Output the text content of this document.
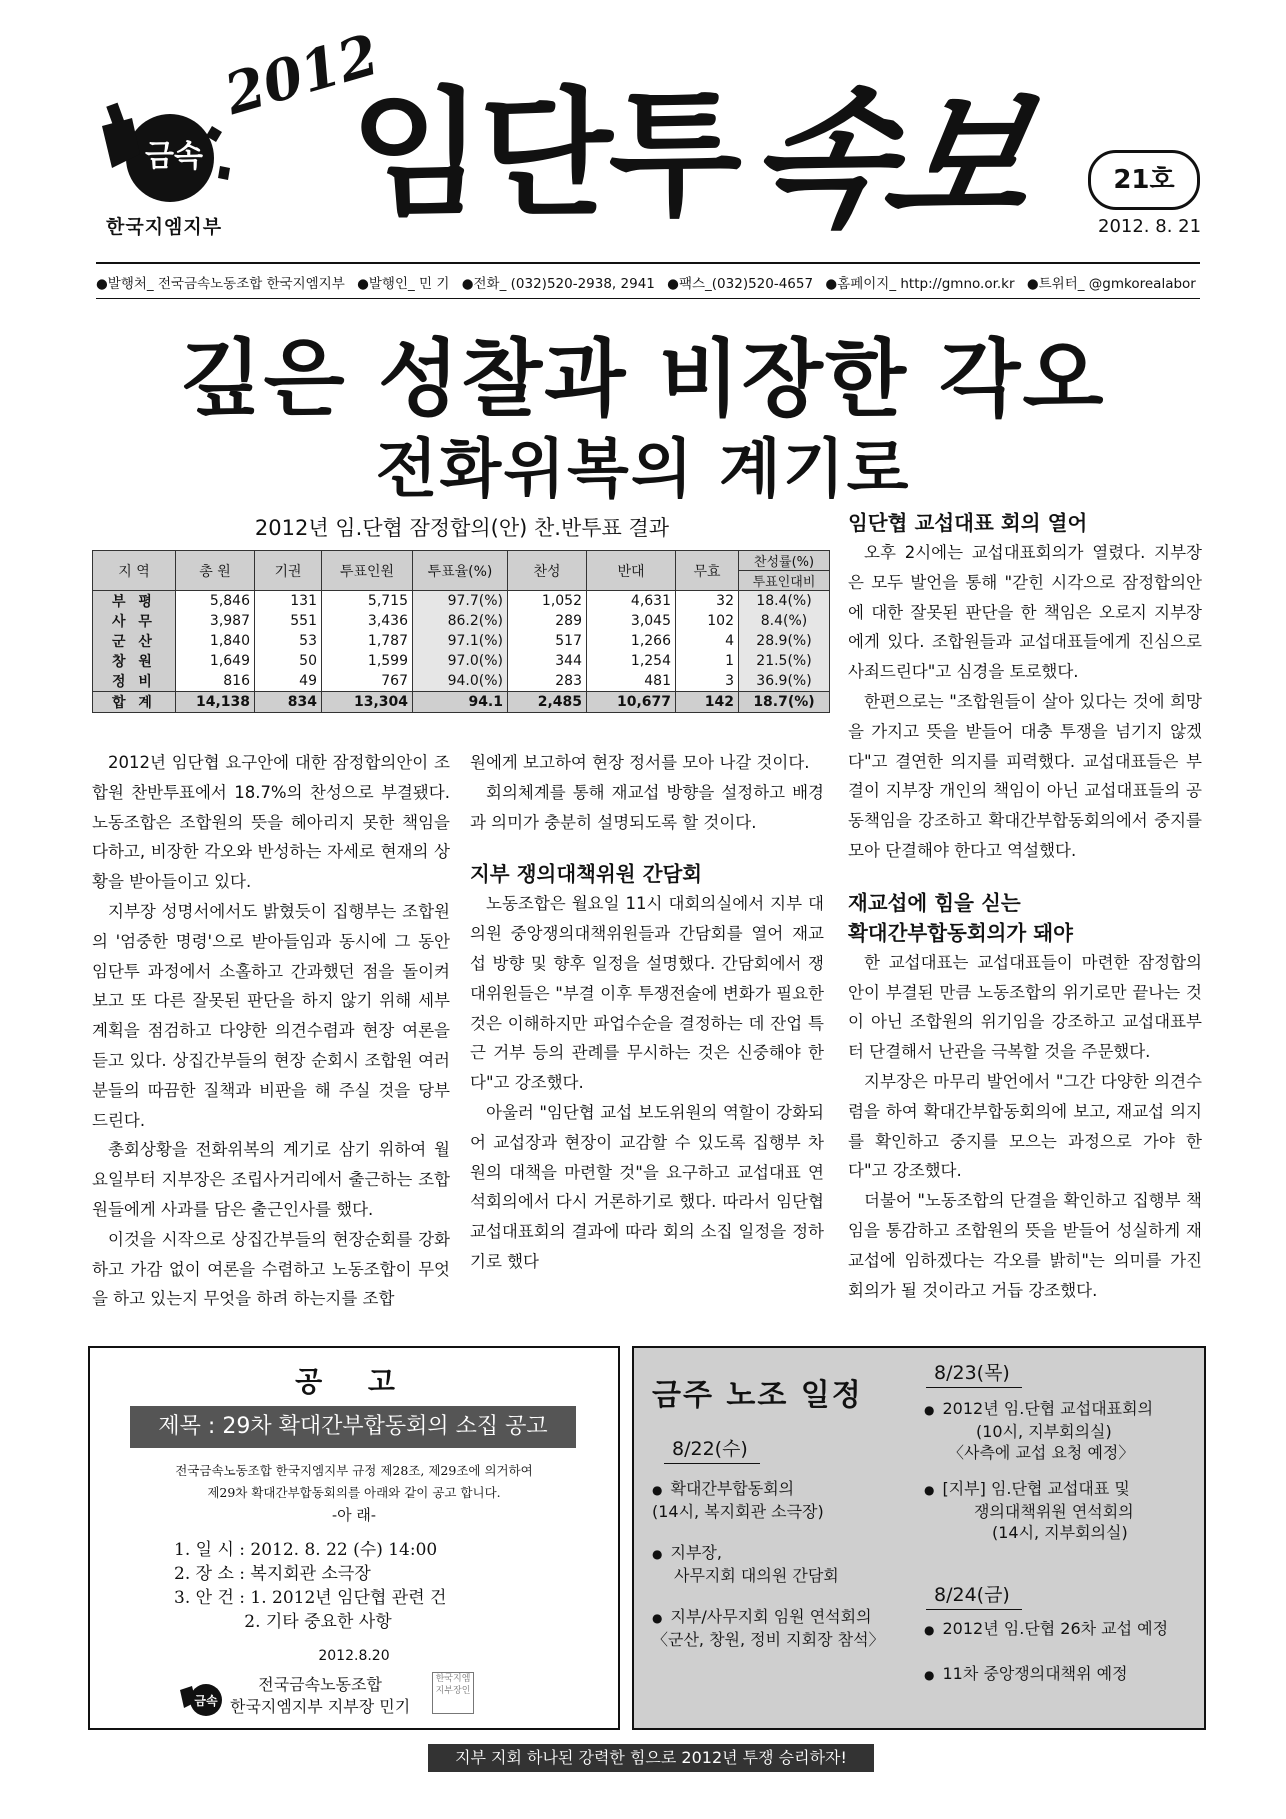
금속
한국지엠지부
2012
임단투
속보	21호
2012. 8. 21
●발행처_ 전국금속노동조합 한국지엠지부 ●발행인_ 민 기 ●전화_ (032)520-2938, 2941 ●팩스_(032)520-4657 ●홈페이지_ http://gmno.or.kr ●트위터_ @gmkorealabor
깊은 성찰과 비장한 각오
전화위복의 계기로
2012년 임.단협 잠정합의(안) 찬.반투표 결과
지 역	총 원	기권	투표인원	투표율(%)	찬성	반대	무효	찬성률(%)
								투표인대비
부 평	5,846	131	5,715	97.7(%)	1,052	4,631	32	18.4(%)
사 무	3,987	551	3,436	86.2(%)	289	3,045	102	8.4(%)
군 산	1,840	53	1,787	97.1(%)	517	1,266	4	28.9(%)
창 원	1,649	50	1,599	97.0(%)	344	1,254	1	21.5(%)
정 비	816	49	767	94.0(%)	283	481	3	36.9(%)
합 계	14,138	834	13,304	94.1	2,485	10,677	142	18.7(%)

2012년 임단협 요구안에 대한 잠정합의안이 조합원 찬반투표에서 18.7%의 찬성으로 부결됐다. 노동조합은 조합원의 뜻을 헤아리지 못한 책임을 다하고, 비장한 각오와 반성하는 자세로 현재의 상황을 받아들이고 있다.

지부장 성명서에서도 밝혔듯이 집행부는 조합원의 '엄중한 명령'으로 받아들임과 동시에 그 동안 임단투 과정에서 소홀하고 간과했던 점을 돌이켜 보고 또 다른 잘못된 판단을 하지 않기 위해 세부계획을 점검하고 다양한 의견수렴과 현장 여론을 듣고 있다. 상집간부들의 현장 순회시 조합원 여러분들의 따끔한 질책과 비판을 해 주실 것을 당부 드린다.

총회상황을 전화위복의 계기로 삼기 위하여 월요일부터 지부장은 조립사거리에서 출근하는 조합원들에게 사과를 담은 출근인사를 했다.

이것을 시작으로 상집간부들의 현장순회를 강화하고 가감 없이 여론을 수렴하고 노동조합이 무엇을 하고 있는지 무엇을 하려 하는지를 조합

원에게 보고하여 현장 정서를 모아 나갈 것이다.

회의체계를 통해 재교섭 방향을 설정하고 배경과 의미가 충분히 설명되도록 할 것이다.

지부 쟁의대책위원 간담회

노동조합은 월요일 11시 대회의실에서 지부 대의원 중앙쟁의대책위원들과 간담회를 열어 재교섭 방향 및 향후 일정을 설명했다. 간담회에서 쟁대위원들은 "부결 이후 투쟁전술에 변화가 필요한 것은 이해하지만 파업수순을 결정하는 데 잔업 특근 거부 등의 관례를 무시하는 것은 신중해야 한다"고 강조했다.

아울러 "임단협 교섭 보도위원의 역할이 강화되어 교섭장과 현장이 교감할 수 있도록 집행부 차원의 대책을 마련할 것"을 요구하고 교섭대표 연석회의에서 다시 거론하기로 했다. 따라서 임단협 교섭대표회의 결과에 따라 회의 소집 일정을 정하기로 했다

임단협 교섭대표 회의 열어

오후 2시에는 교섭대표회의가 열렸다. 지부장은 모두 발언을 통해 "갇힌 시각으로 잠정합의안에 대한 잘못된 판단을 한 책임은 오로지 지부장에게 있다. 조합원들과 교섭대표들에게 진심으로 사죄드린다"고 심경을 토로했다.

한편으로는 "조합원들이 살아 있다는 것에 희망을 가지고 뜻을 받들어 대충 투쟁을 넘기지 않겠다"고 결연한 의지를 피력했다. 교섭대표들은 부결이 지부장 개인의 책임이 아닌 교섭대표들의 공동책임을 강조하고 확대간부합동회의에서 중지를 모아 단결해야 한다고 역설했다.

재교섭에 힘을 싣는
확대간부합동회의가 돼야

한 교섭대표는 교섭대표들이 마련한 잠정합의안이 부결된 만큼 노동조합의 위기로만 끝나는 것이 아닌 조합원의 위기임을 강조하고 교섭대표부터 단결해서 난관을 극복할 것을 주문했다.

지부장은 마무리 발언에서 "그간 다양한 의견수렴을 하여 확대간부합동회의에 보고, 재교섭 의지를 확인하고 중지를 모으는 과정으로 가야 한다"고 강조했다.

더불어 "노동조합의 단결을 확인하고 집행부 책임을 통감하고 조합원의 뜻을 받들어 성실하게 재교섭에 임하겠다는 각오를 밝히"는 의미를 가진 회의가 될 것이라고 거듭 강조했다.

공 고
제목 : 29차 확대간부합동회의 소집 공고
전국금속노동조합 한국지엠지부 규정 제28조, 제29조에 의거하여
제29차 확대간부합동회의를 아래와 같이 공고 합니다.
-아 래-
1. 일 시 : 2012. 8. 22 (수) 14:00
2. 장 소 : 복지회관 소극장
3. 안 건 : 1. 2012년 임단협 관련 건
2. 기타 중요한 사항
2012.8.20
금속
전국금속노동조합
한국지엠지부 지부장 민기
한국지엠 지부장인
금주 노조 일정
8/22(수)
● 확대간부합동회의
(14시, 복지회관 소극장)
● 지부장,
사무지회 대의원 간담회
● 지부/사무지회 임원 연석회의
〈군산, 창원, 정비 지회장 참석〉
8/23(목)
● 2012년 임.단협 교섭대표회의
(10시, 지부회의실)
〈사측에 교섭 요청 예정〉
● [지부] 임.단협 교섭대표 및
쟁의대책위원 연석회의
(14시, 지부회의실)
8/24(금)
● 2012년 임.단협 26차 교섭 예정
● 11차 중앙쟁의대책위 예정
지부 지회 하나된 강력한 힘으로 2012년 투쟁 승리하자!
